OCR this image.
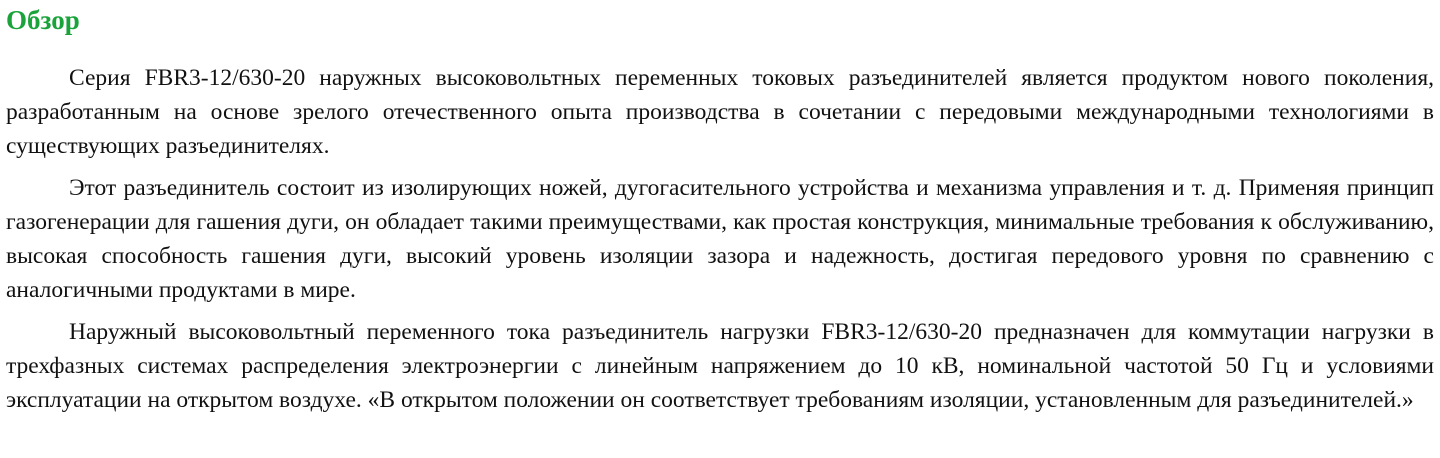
Обзор

Серия FBR3-12/630-20 наружных высоковольтных переменных токовых разъединителей является продуктом нового поколения, разработанным на основе зрелого отечественного опыта производства в сочетании с передовыми международными технологиями в существующих разъединителях.

Этот разъединитель состоит из изолирующих ножей, дугогасительного устройства и механизма управления и т. д. Применяя принцип газогенерации для гашения дуги, он обладает такими преимуществами, как простая конструкция, минимальные требования к обслуживанию, высокая способность гашения дуги, высокий уровень изоляции зазора и надежность, достигая передового уровня по сравнению с аналогичными продуктами в мире.

Наружный высоковольтный переменного тока разъединитель нагрузки FBR3-12/630-20 предназначен для коммутации нагрузки в трехфазных системах распределения электроэнергии с линейным напряжением до 10 кВ, номинальной частотой 50 Гц и условиями эксплуатации на открытом воздухе. «В открытом положении он соответствует требованиям изоляции, установленным для разъединителей.»
